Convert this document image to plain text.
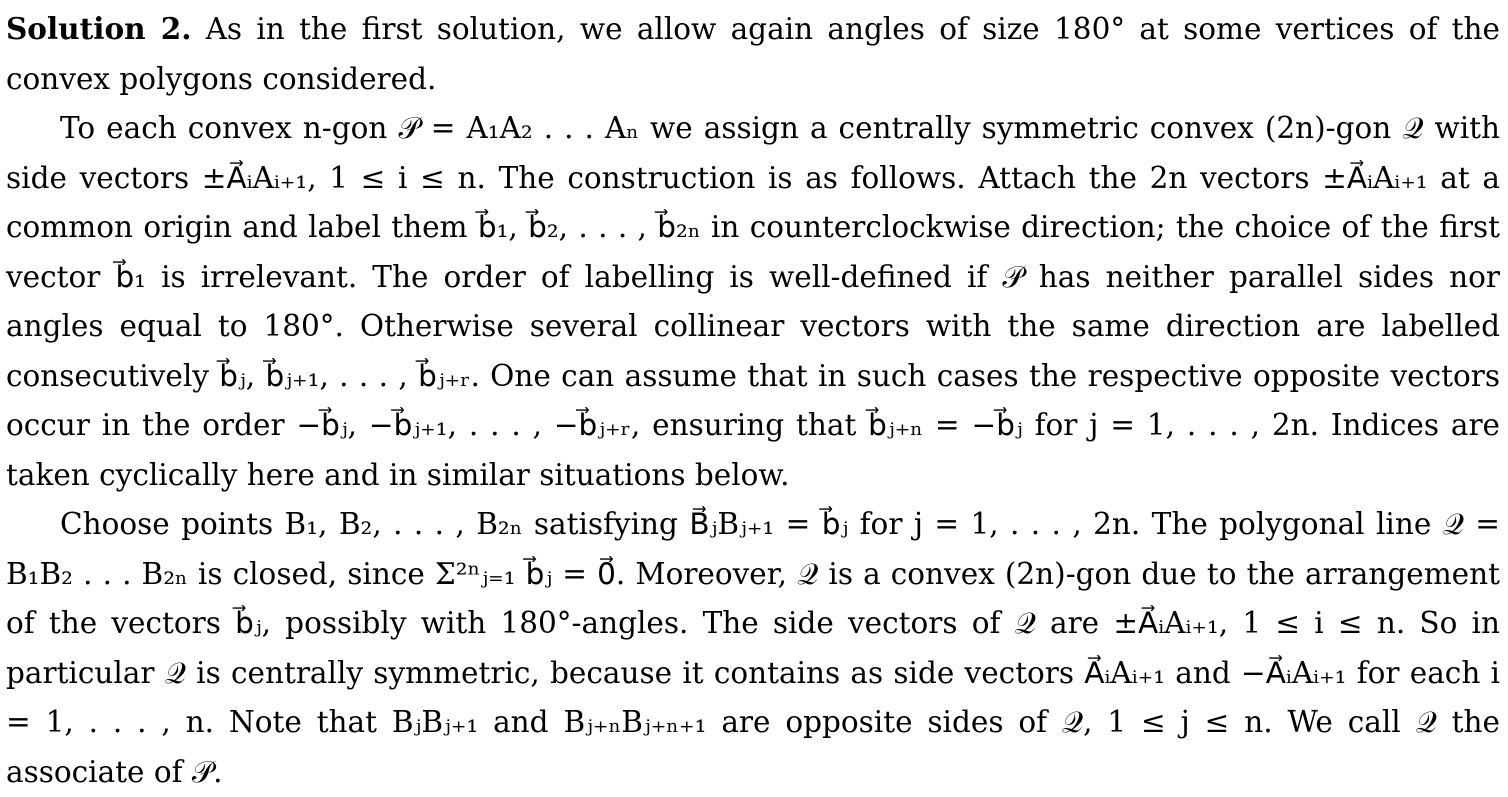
Solution 2. As in the first solution, we allow again angles of size 180° at some vertices of the convex polygons considered.

To each convex n-gon 𝒫 = A₁A₂ . . . Aₙ we assign a centrally symmetric convex (2n)-gon 𝒬 with side vectors ±A⃗ᵢAᵢ₊₁, 1 ≤ i ≤ n. The construction is as follows. Attach the 2n vectors ±A⃗ᵢAᵢ₊₁ at a common origin and label them b⃗₁, b⃗₂, . . . , b⃗₂ₙ in counterclockwise direction; the choice of the first vector b⃗₁ is irrelevant. The order of labelling is well-defined if 𝒫 has neither parallel sides nor angles equal to 180°. Otherwise several collinear vectors with the same direction are labelled consecutively b⃗ⱼ, b⃗ⱼ₊₁, . . . , b⃗ⱼ₊ᵣ. One can assume that in such cases the respective opposite vectors occur in the order −b⃗ⱼ, −b⃗ⱼ₊₁, . . . , −b⃗ⱼ₊ᵣ, ensuring that b⃗ⱼ₊ₙ = −b⃗ⱼ for j = 1, . . . , 2n. Indices are taken cyclically here and in similar situations below.

Choose points B₁, B₂, . . . , B₂ₙ satisfying B⃗ⱼBⱼ₊₁ = b⃗ⱼ for j = 1, . . . , 2n. The polygonal line 𝒬 = B₁B₂ . . . B₂ₙ is closed, since Σ²ⁿⱼ₌₁ b⃗ⱼ = 0⃗. Moreover, 𝒬 is a convex (2n)-gon due to the arrangement of the vectors b⃗ⱼ, possibly with 180°-angles. The side vectors of 𝒬 are ±A⃗ᵢAᵢ₊₁, 1 ≤ i ≤ n. So in particular 𝒬 is centrally symmetric, because it contains as side vectors A⃗ᵢAᵢ₊₁ and −A⃗ᵢAᵢ₊₁ for each i = 1, . . . , n. Note that BⱼBⱼ₊₁ and Bⱼ₊ₙBⱼ₊ₙ₊₁ are opposite sides of 𝒬, 1 ≤ j ≤ n. We call 𝒬 the associate of 𝒫.
